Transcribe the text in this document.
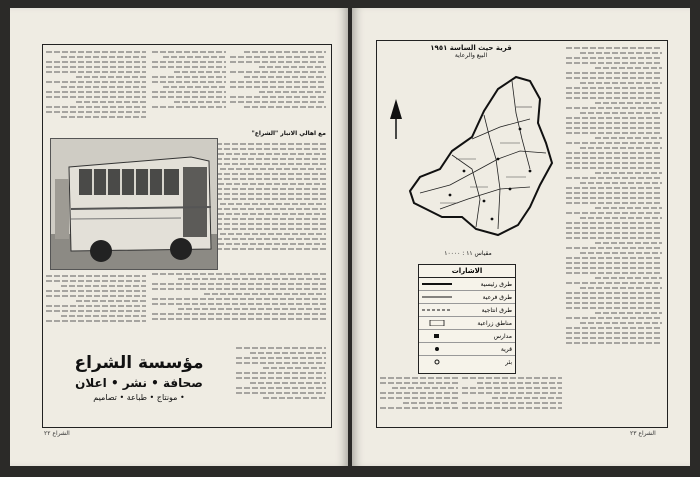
مع اهالي الانبار "الشراع"
مؤسسة الشراع
صحافة • نشر • اعلان
• مونتاج • طباعة • تصاميم
الشراع ٢٢
قرية حيث الساسة ١٩٥١
البيع والرعاية
مقياس ١١ : ١٠٠٠٠
الاشارات
طرق رئيسية
طرق فرعية
طرق انتاجية
مناطق زراعية
مدارس
قرية
بئر
الشراع ٢٣
